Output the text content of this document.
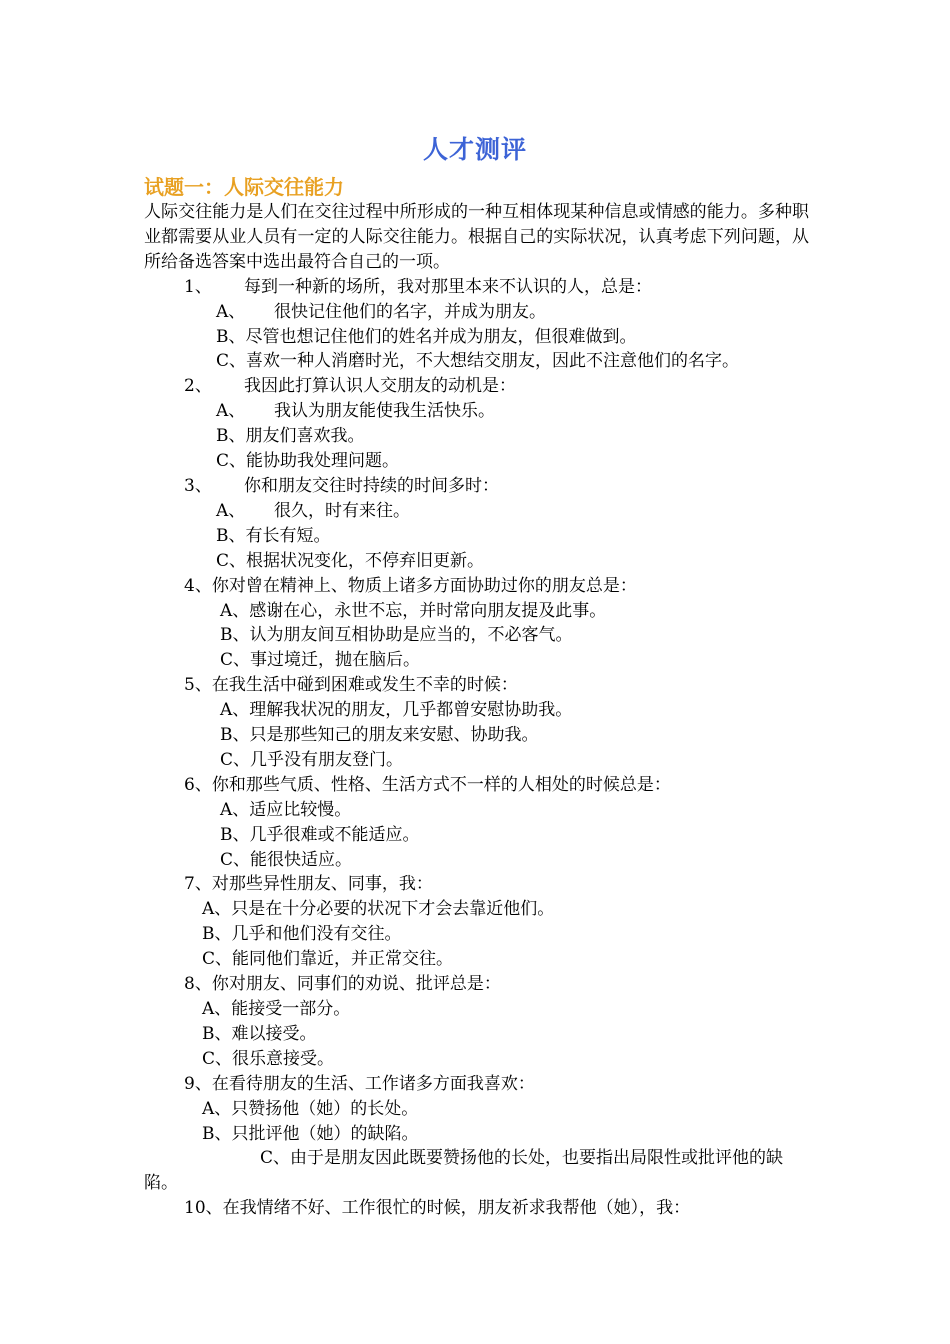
人才测评
试题一：人际交往能力

人际交往能力是人们在交往过程中所形成的一种互相体现某种信息或情感的能力。多种职业都需要从业人员有一定的人际交往能力。根据自己的实际状况，认真考虑下列问题，从所给备选答案中选出最符合自己的一项。

1、 每到一种新的场所，我对那里本来不认识的人，总是：

A、 很快记住他们的名字，并成为朋友。

B、尽管也想记住他们的姓名并成为朋友，但很难做到。

C、喜欢一种人消磨时光，不大想结交朋友，因此不注意他们的名字。

2、 我因此打算认识人交朋友的动机是：

A、 我认为朋友能使我生活快乐。

B、朋友们喜欢我。

C、能协助我处理问题。

3、 你和朋友交往时持续的时间多时：

A、 很久，时有来往。

B、有长有短。

C、根据状况变化，不停弃旧更新。

4、你对曾在精神上、物质上诸多方面协助过你的朋友总是：

A、感谢在心，永世不忘，并时常向朋友提及此事。

B、认为朋友间互相协助是应当的，不必客气。

C、事过境迁，抛在脑后。

5、在我生活中碰到困难或发生不幸的时候：

A、理解我状况的朋友，几乎都曾安慰协助我。

B、只是那些知己的朋友来安慰、协助我。

C、几乎没有朋友登门。

6、你和那些气质、性格、生活方式不一样的人相处的时候总是：

A、适应比较慢。

B、几乎很难或不能适应。

C、能很快适应。

7、对那些异性朋友、同事，我：

A、只是在十分必要的状况下才会去靠近他们。

B、几乎和他们没有交往。

C、能同他们靠近，并正常交往。

8、你对朋友、同事们的劝说、批评总是：

A、能接受一部分。

B、难以接受。

C、很乐意接受。

9、在看待朋友的生活、工作诸多方面我喜欢：

A、只赞扬他（她）的长处。

B、只批评他（她）的缺陷。

C、由于是朋友因此既要赞扬他的长处，也要指出局限性或批评他的缺陷。

10、在我情绪不好、工作很忙的时候，朋友祈求我帮他（她），我：
